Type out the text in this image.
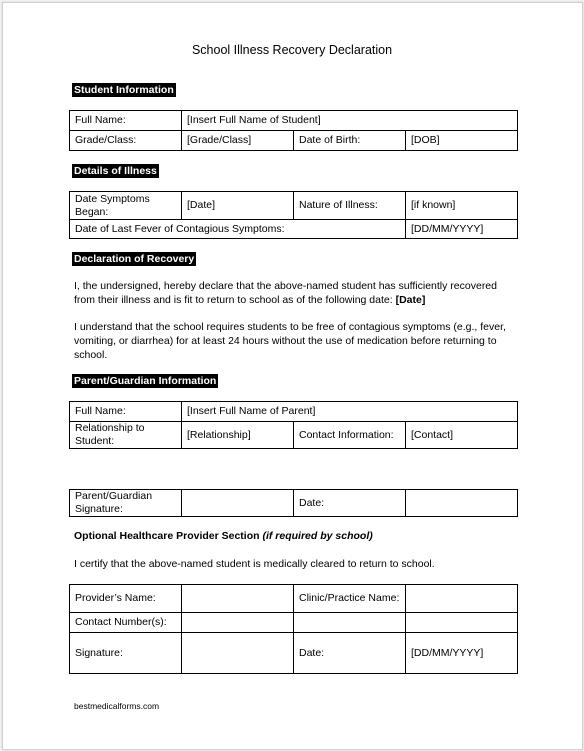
School Illness Recovery Declaration
Student Information
Full Name:	[Insert Full Name of Student]		
Grade/Class:	[Grade/Class]	Date of Birth:	[DOB]
Details of Illness
Date Symptoms Began:	[Date]	Nature of Illness:	[if known]
Date of Last Fever of Contagious Symptoms:			[DD/MM/YYYY]
Declaration of Recovery
I, the undersigned, hereby declare that the above-named student has sufficiently recovered from their illness and is fit to return to school as of the following date: [Date]
I understand that the school requires students to be free of contagious symptoms (e.g., fever, vomiting, or diarrhea) for at least 24 hours without the use of medication before returning to school.
Parent/Guardian Information
Full Name:	[Insert Full Name of Parent]		
Relationship to Student:	[Relationship]	Contact Information:	[Contact]
Parent/Guardian Signature:		Date:	
Optional Healthcare Provider Section (if required by school)
I certify that the above-named student is medically cleared to return to school.
Provider’s Name:		Clinic/Practice Name:	
Contact Number(s):			
Signature:		Date:	[DD/MM/YYYY]
bestmedicalforms.com
